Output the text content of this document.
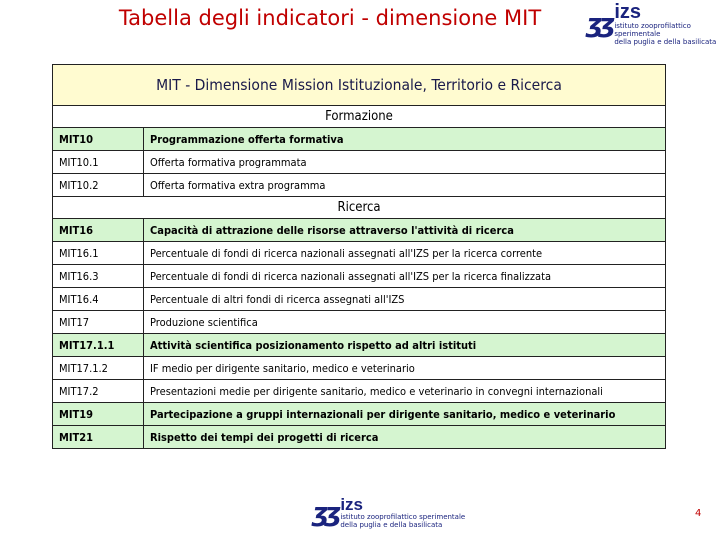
Tabella degli indicatori - dimensione MIT	ʒʒ izs
istituto zooprofilattico sperimentale
della puglia e della basilicata
MIT - Dimensione Mission Istituzionale, Territorio e Ricerca	
Formazione	
MIT10	Programmazione offerta formativa
MIT10.1	Offerta formativa programmata
MIT10.2	Offerta formativa extra programma
Ricerca	
MIT16	Capacità di attrazione delle risorse attraverso l'attività di ricerca
MIT16.1	Percentuale di fondi di ricerca nazionali assegnati all'IZS per la ricerca corrente
MIT16.3	Percentuale di fondi di ricerca nazionali assegnati all'IZS per la ricerca finalizzata
MIT16.4	Percentuale di altri fondi di ricerca assegnati all'IZS
MIT17	Produzione scientifica
MIT17.1.1	Attività scientifica posizionamento rispetto ad altri istituti
MIT17.1.2	IF medio per dirigente sanitario, medico e veterinario
MIT17.2	Presentazioni medie per dirigente sanitario, medico e veterinario in convegni internazionali
MIT19	Partecipazione a gruppi internazionali per dirigente sanitario, medico e veterinario
MIT21	Rispetto dei tempi dei progetti di ricerca
ʒʒ izs
istituto zooprofilattico sperimentale
della puglia e della basilicata
4
